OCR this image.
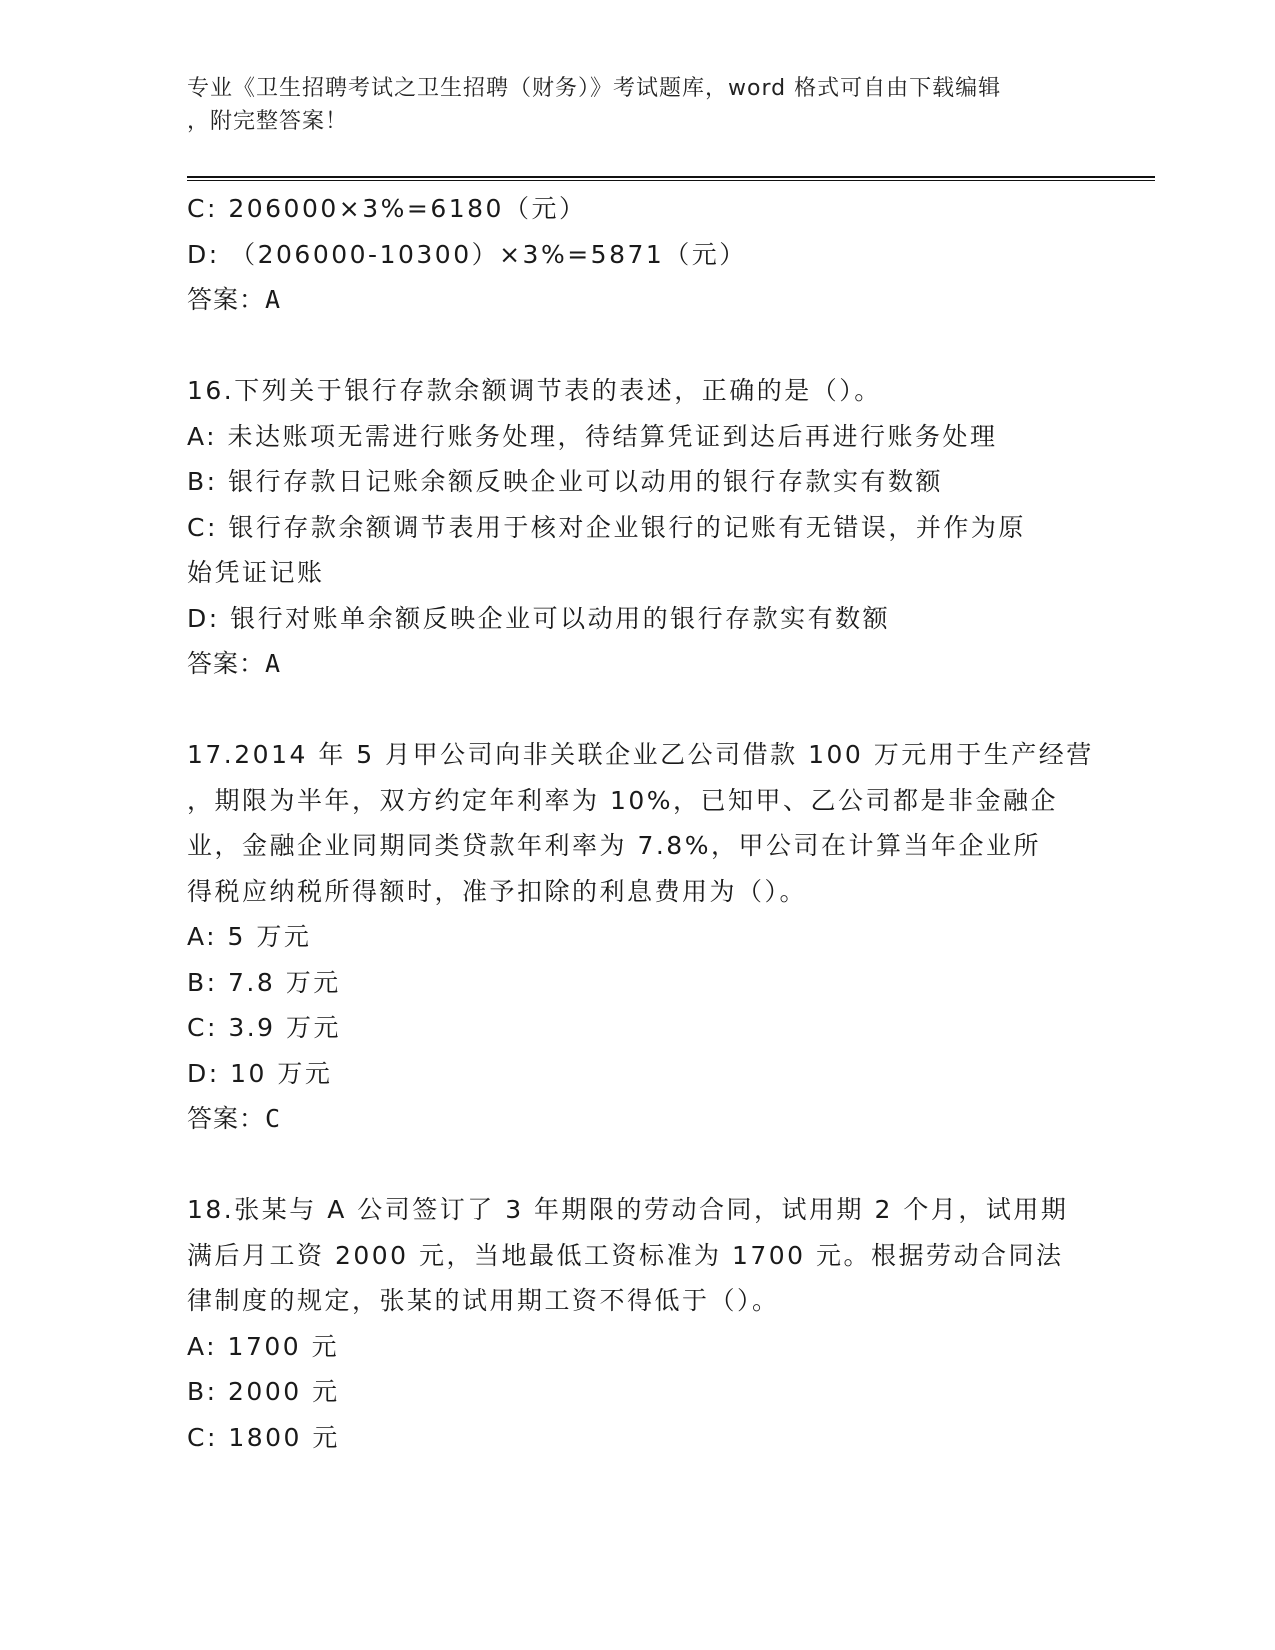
专业《卫生招聘考试之卫生招聘（财务）》考试题库，word 格式可自由下载编辑
，附完整答案！
C: 206000×3%=6180（元）
D: （206000-10300）×3%=5871（元）
答案：A
16.下列关于银行存款余额调节表的表述，正确的是（）。
A: 未达账项无需进行账务处理，待结算凭证到达后再进行账务处理
B: 银行存款日记账余额反映企业可以动用的银行存款实有数额
C: 银行存款余额调节表用于核对企业银行的记账有无错误，并作为原
始凭证记账
D: 银行对账单余额反映企业可以动用的银行存款实有数额
答案：A
17.2014 年 5 月甲公司向非关联企业乙公司借款 100 万元用于生产经营
，期限为半年，双方约定年利率为 10%，已知甲、乙公司都是非金融企
业，金融企业同期同类贷款年利率为 7.8%，甲公司在计算当年企业所
得税应纳税所得额时，准予扣除的利息费用为（）。
A: 5 万元
B: 7.8 万元
C: 3.9 万元
D: 10 万元
答案：C
18.张某与 A 公司签订了 3 年期限的劳动合同，试用期 2 个月，试用期
满后月工资 2000 元，当地最低工资标准为 1700 元。根据劳动合同法
律制度的规定，张某的试用期工资不得低于（）。
A: 1700 元
B: 2000 元
C: 1800 元
